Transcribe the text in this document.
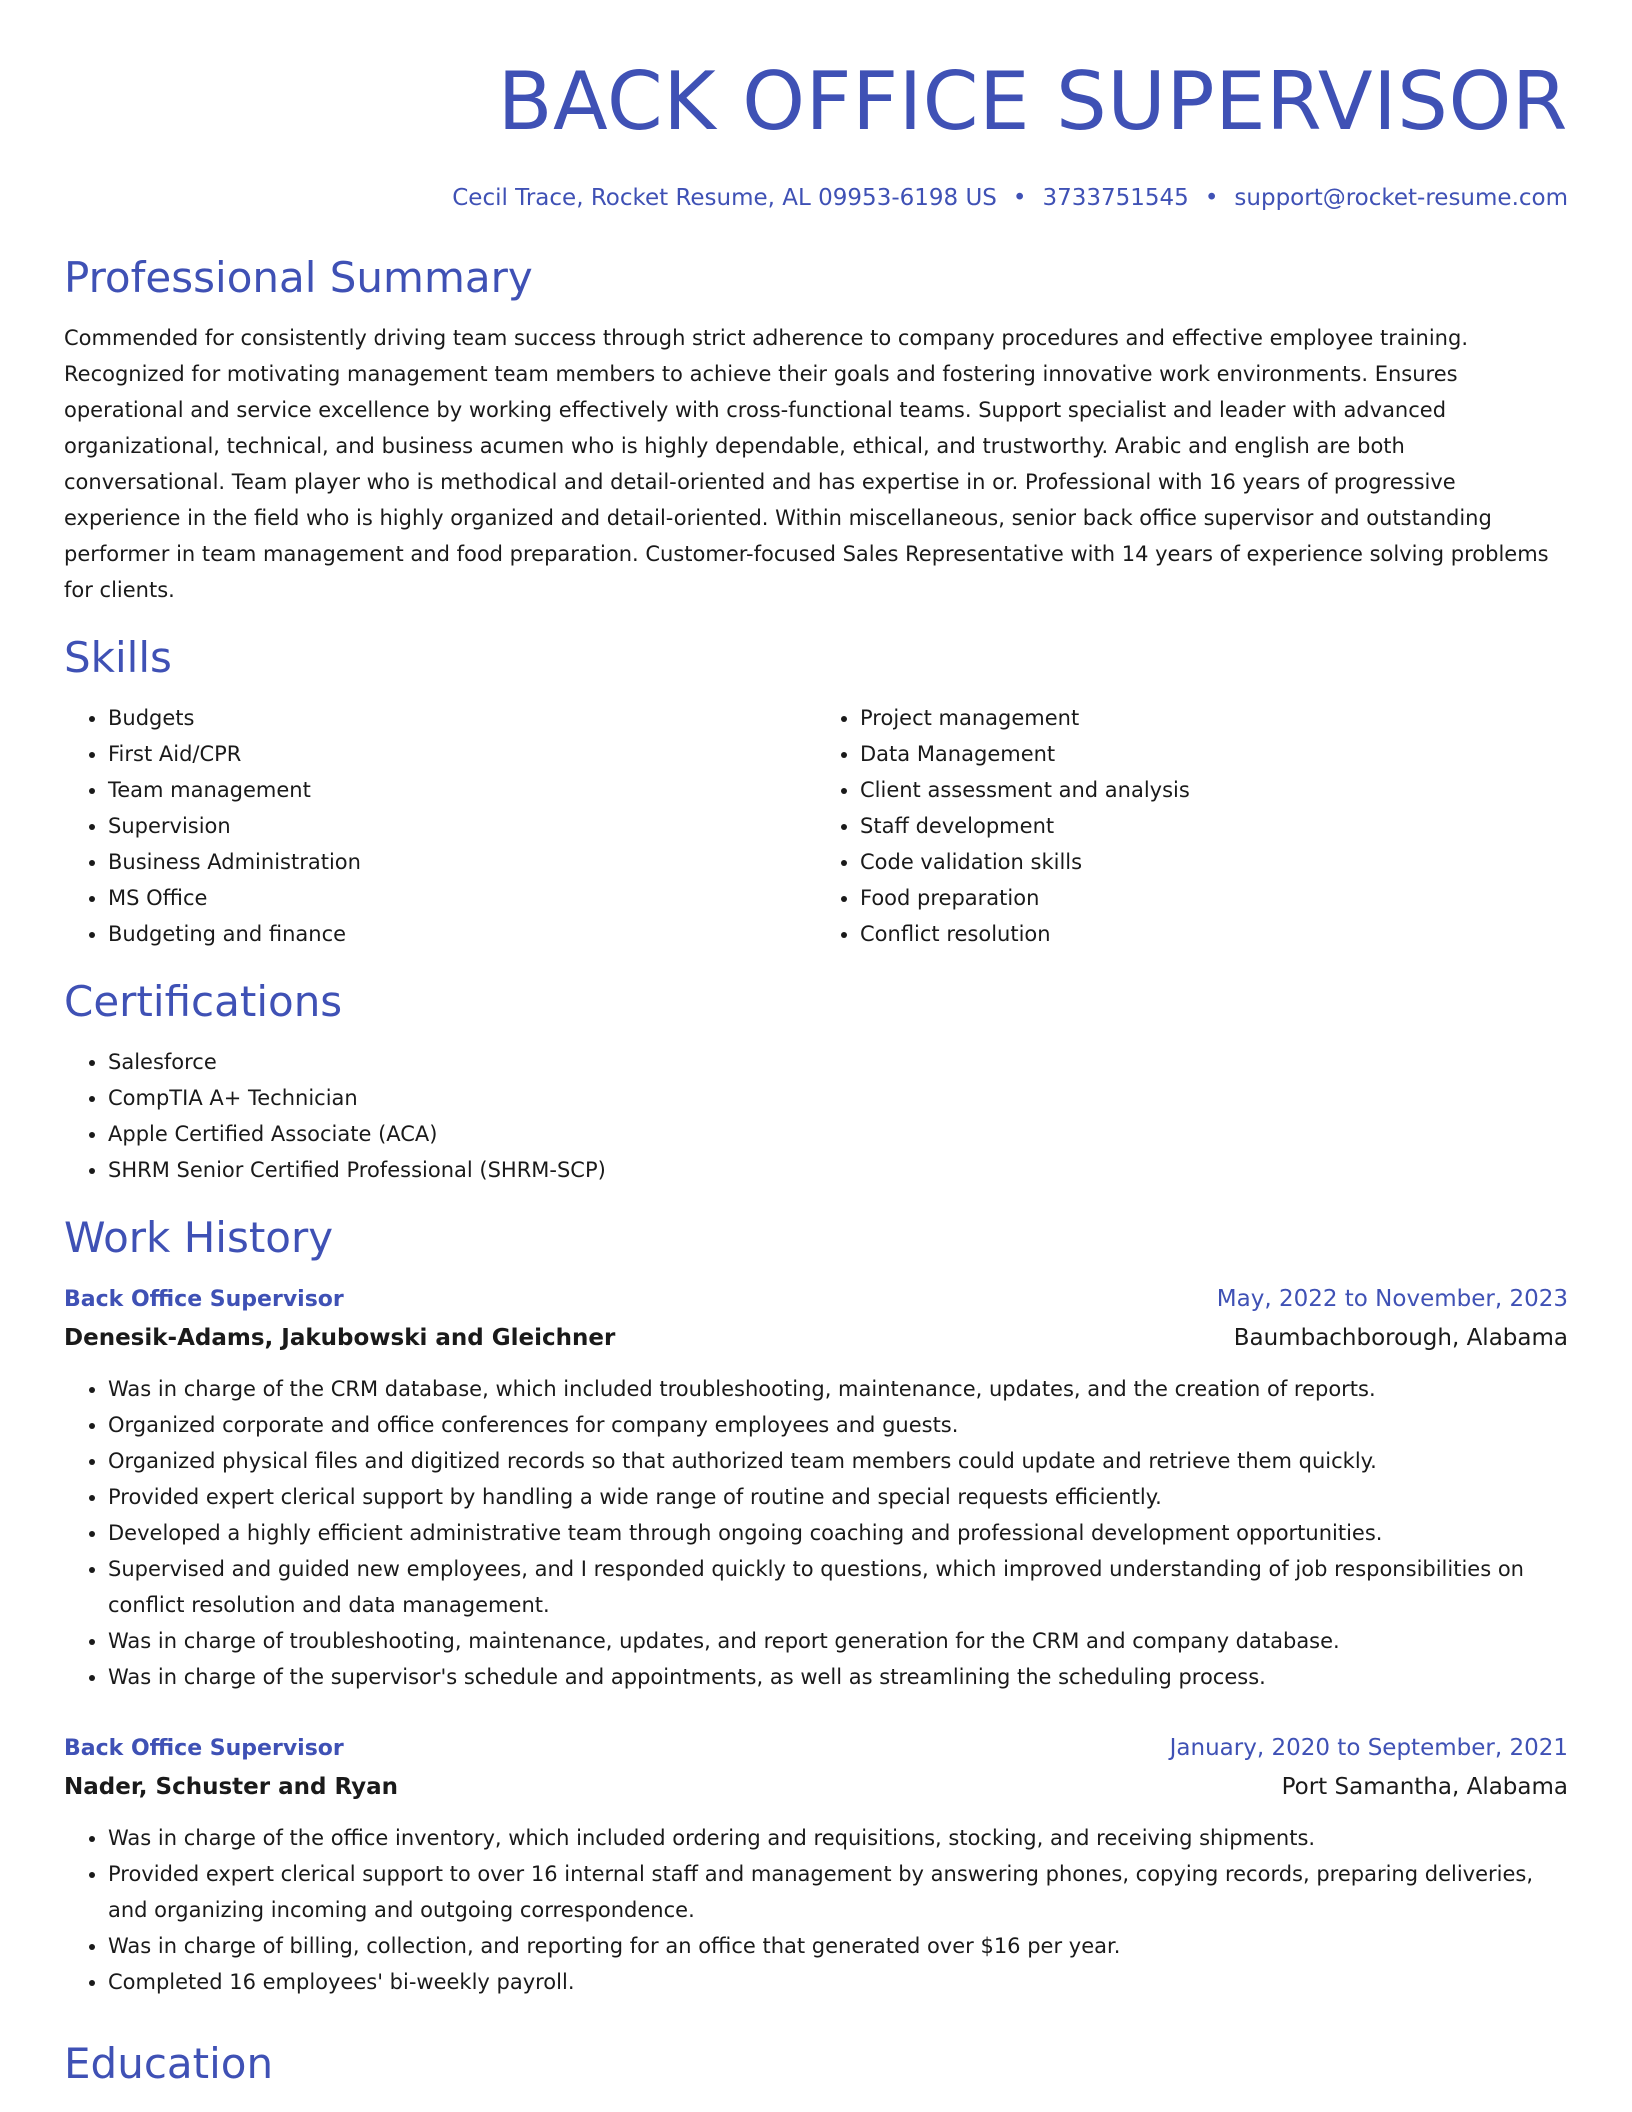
BACK OFFICE SUPERVISOR
Cecil Trace, Rocket Resume, AL 09953-6198 US • 3733751545 • support@rocket-resume.com
Professional Summary
Commended for consistently driving team success through strict adherence to company procedures and effective employee training. Recognized for motivating management team members to achieve their goals and fostering innovative work environments. Ensures operational and service excellence by working effectively with cross-functional teams. Support specialist and leader with advanced organizational, technical, and business acumen who is highly dependable, ethical, and trustworthy. Arabic and english are both conversational. Team player who is methodical and detail-oriented and has expertise in or. Professional with 16 years of progressive experience in the field who is highly organized and detail-oriented. Within miscellaneous, senior back office supervisor and outstanding performer in team management and food preparation. Customer-focused Sales Representative with 14 years of experience solving problems for clients.
Skills
• Budgets
• First Aid/CPR
• Team management
• Supervision
• Business Administration
• MS Office
• Budgeting and finance
• Project management
• Data Management
• Client assessment and analysis
• Staff development
• Code validation skills
• Food preparation
• Conflict resolution
Certifications
• Salesforce
• CompTIA A+ Technician
• Apple Certified Associate (ACA)
• SHRM Senior Certified Professional (SHRM-SCP)
Work History
Back Office Supervisor	May, 2022 to November, 2023
Denesik-Adams, Jakubowski and Gleichner	Baumbachborough, Alabama
• Was in charge of the CRM database, which included troubleshooting, maintenance, updates, and the creation of reports.
• Organized corporate and office conferences for company employees and guests.
• Organized physical files and digitized records so that authorized team members could update and retrieve them quickly.
• Provided expert clerical support by handling a wide range of routine and special requests efficiently.
• Developed a highly efficient administrative team through ongoing coaching and professional development opportunities.
• Supervised and guided new employees, and I responded quickly to questions, which improved understanding of job responsibilities on conflict resolution and data management.
• Was in charge of troubleshooting, maintenance, updates, and report generation for the CRM and company database.
• Was in charge of the supervisor's schedule and appointments, as well as streamlining the scheduling process.
Back Office Supervisor	January, 2020 to September, 2021
Nader, Schuster and Ryan	Port Samantha, Alabama
• Was in charge of the office inventory, which included ordering and requisitions, stocking, and receiving shipments.
• Provided expert clerical support to over 16 internal staff and management by answering phones, copying records, preparing deliveries, and organizing incoming and outgoing correspondence.
• Was in charge of billing, collection, and reporting for an office that generated over $16 per year.
• Completed 16 employees' bi-weekly payroll.
Education
